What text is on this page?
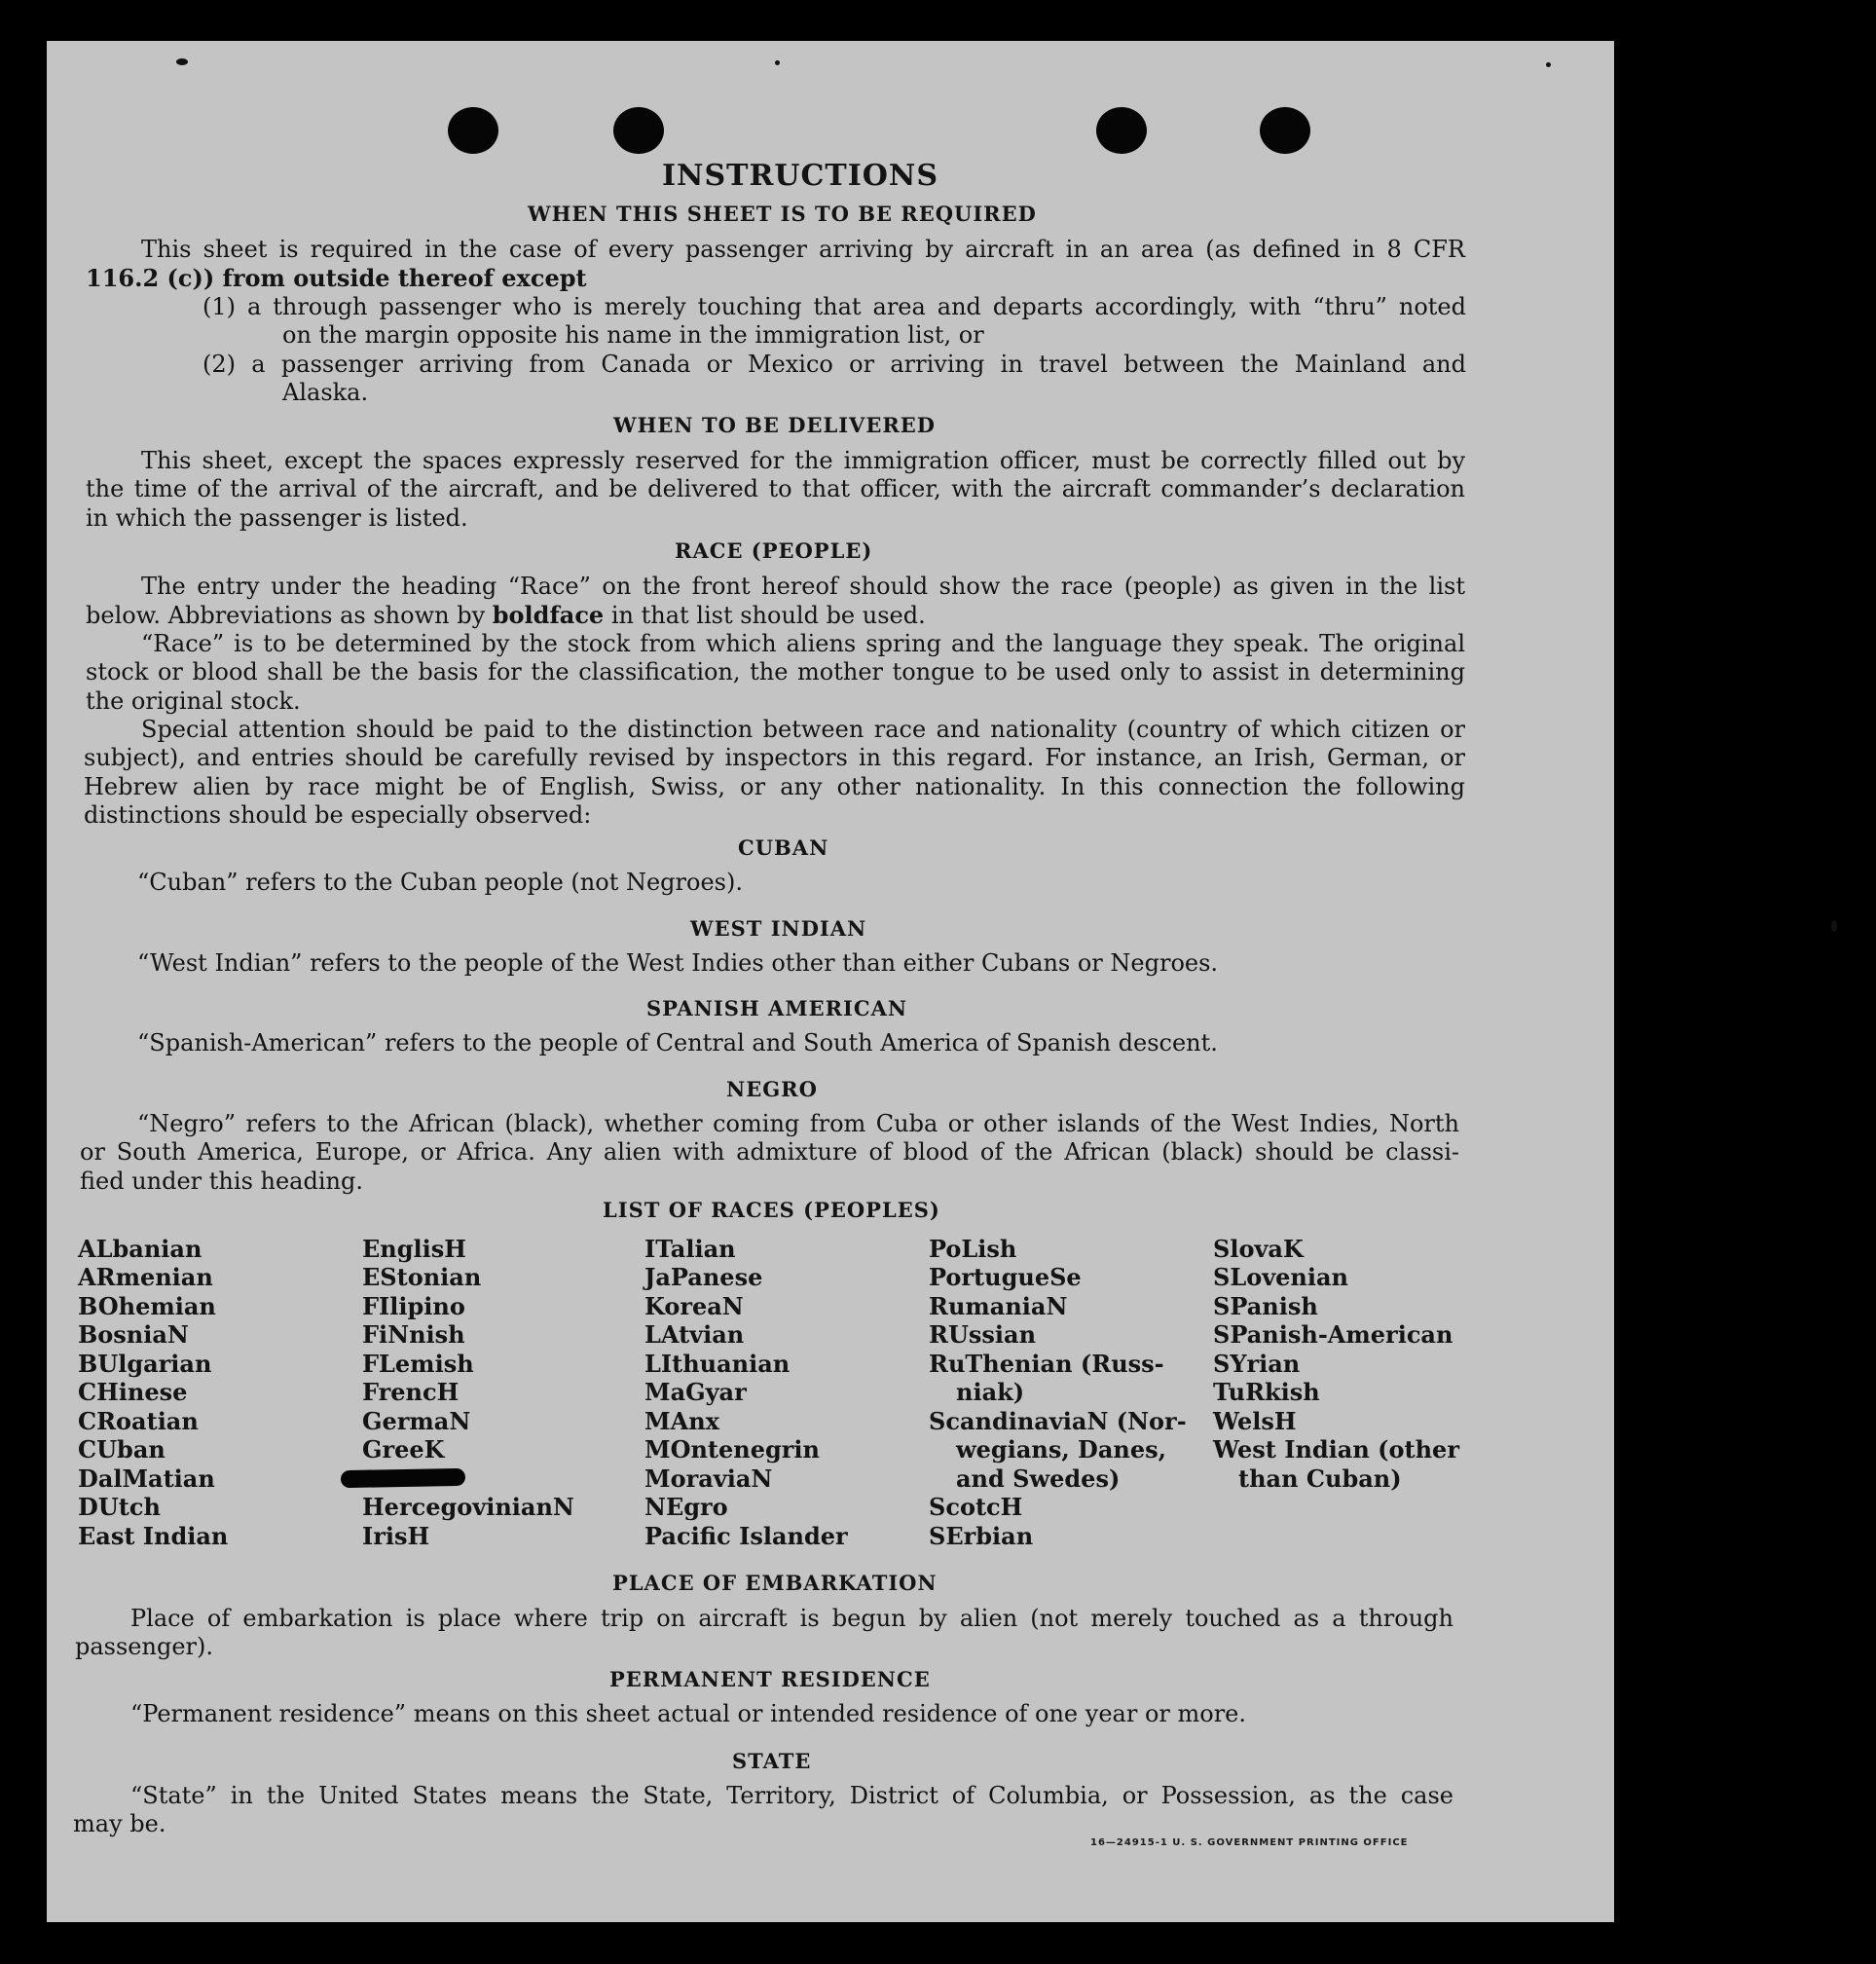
INSTRUCTIONS

WHEN THIS SHEET IS TO BE REQUIRED

This sheet is required in the case of every passenger arriving by aircraft in an area (as defined in 8 CFR

116.2 (c)) from outside thereof except

(1) a through passenger who is merely touching that area and departs accordingly, with “thru” noted

on the margin opposite his name in the immigration list, or

(2) a passenger arriving from Canada or Mexico or arriving in travel between the Mainland and

Alaska.

WHEN TO BE DELIVERED

This sheet, except the spaces expressly reserved for the immigration officer, must be correctly filled out by

the time of the arrival of the aircraft, and be delivered to that officer, with the aircraft commander’s declaration

in which the passenger is listed.

RACE (PEOPLE)

The entry under the heading “Race” on the front hereof should show the race (people) as given in the list

below. Abbreviations as shown by boldface in that list should be used.

“Race” is to be determined by the stock from which aliens spring and the language they speak. The original

stock or blood shall be the basis for the classification, the mother tongue to be used only to assist in determining

the original stock.

Special attention should be paid to the distinction between race and nationality (country of which citizen or

subject), and entries should be carefully revised by inspectors in this regard. For instance, an Irish, German, or

Hebrew alien by race might be of English, Swiss, or any other nationality. In this connection the following

distinctions should be especially observed:

CUBAN

“Cuban” refers to the Cuban people (not Negroes).

WEST INDIAN

“West Indian” refers to the people of the West Indies other than either Cubans or Negroes.

SPANISH AMERICAN

“Spanish-American” refers to the people of Central and South America of Spanish descent.

NEGRO

“Negro” refers to the African (black), whether coming from Cuba or other islands of the West Indies, North

or South America, Europe, or Africa. Any alien with admixture of blood of the African (black) should be classi-

fied under this heading.

LIST OF RACES (PEOPLES)

ALbanian

ARmenian

BOhemian

BosniaN

BUlgarian

CHinese

CRoatian

CUban

DalMatian

DUtch

East Indian

EnglisH

EStonian

FIlipino

FiNnish

FLemish

FrencH

GermaN

GreeK

HercegovinianN

IrisH

ITalian

JaPanese

KoreaN

LAtvian

LIthuanian

MaGyar

MAnx

MOntenegrin

MoraviaN

NEgro

Pacific Islander

PoLish

PortugueSe

RumaniaN

RUssian

RuThenian (Russ-

niak)

ScandinaviaN (Nor-

wegians, Danes,

and Swedes)

ScotcH

SErbian

SlovaK

SLovenian

SPanish

SPanish-American

SYrian

TuRkish

WelsH

West Indian (other

than Cuban)

PLACE OF EMBARKATION

Place of embarkation is place where trip on aircraft is begun by alien (not merely touched as a through

passenger).

PERMANENT RESIDENCE

“Permanent residence” means on this sheet actual or intended residence of one year or more.

STATE

“State” in the United States means the State, Territory, District of Columbia, or Possession, as the case

may be.

16—24915-1 U. S. GOVERNMENT PRINTING OFFICE
